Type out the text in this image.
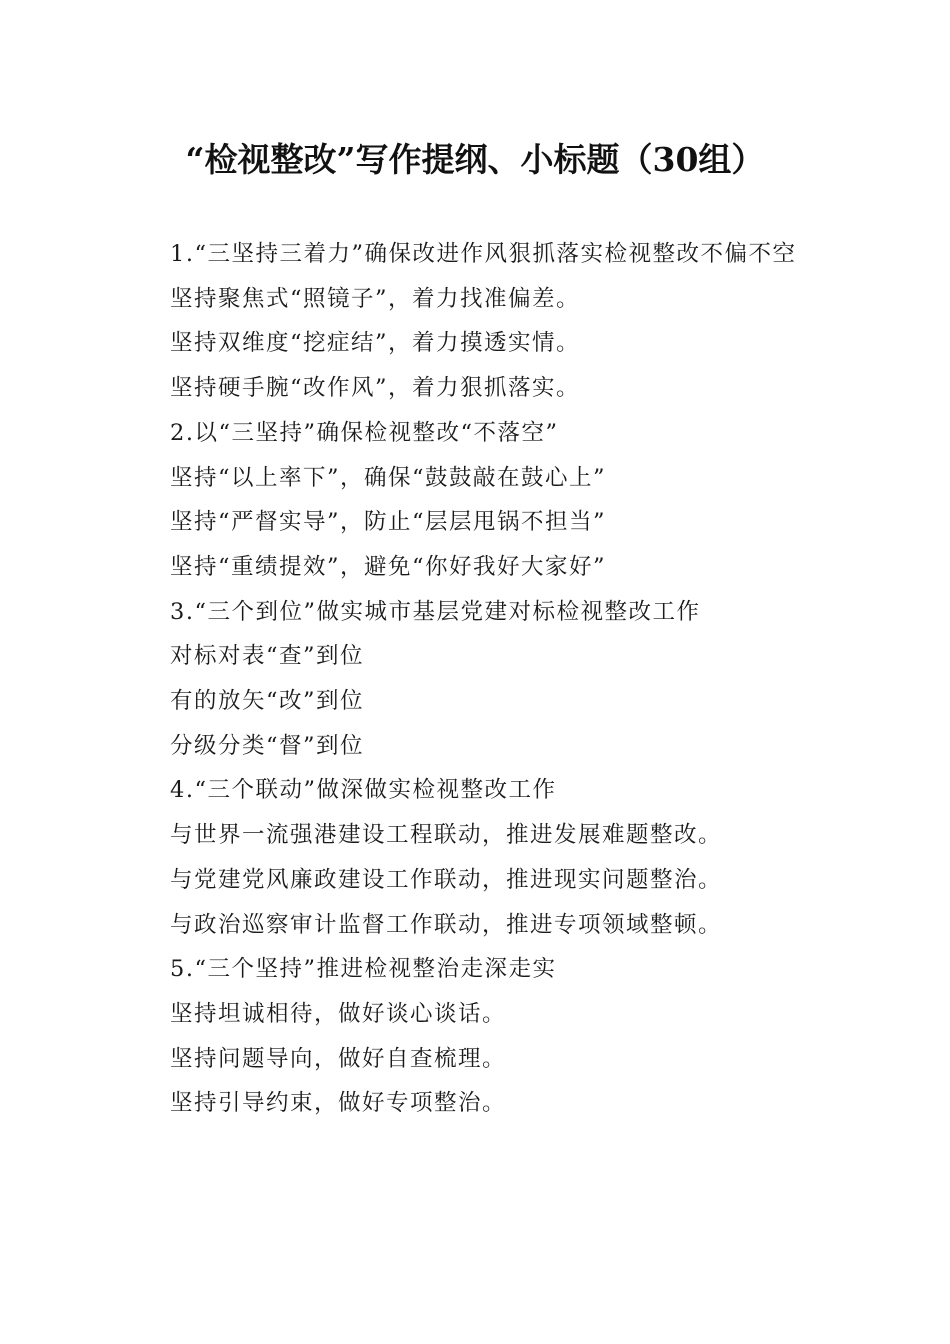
“检视整改”写作提纲、小标题（30组）

1.“三坚持三着力”确保改进作风狠抓落实检视整改不偏不空

坚持聚焦式“照镜子”，着力找准偏差。

坚持双维度“挖症结”，着力摸透实情。

坚持硬手腕“改作风”，着力狠抓落实。

2.以“三坚持”确保检视整改“不落空”

坚持“以上率下”，确保“鼓鼓敲在鼓心上”

坚持“严督实导”，防止“层层甩锅不担当”

坚持“重绩提效”，避免“你好我好大家好”

3.“三个到位”做实城市基层党建对标检视整改工作

对标对表“查”到位

有的放矢“改”到位

分级分类“督”到位

4.“三个联动”做深做实检视整改工作

与世界一流强港建设工程联动，推进发展难题整改。

与党建党风廉政建设工作联动，推进现实问题整治。

与政治巡察审计监督工作联动，推进专项领域整顿。

5.“三个坚持”推进检视整治走深走实

坚持坦诚相待，做好谈心谈话。

坚持问题导向，做好自查梳理。

坚持引导约束，做好专项整治。
